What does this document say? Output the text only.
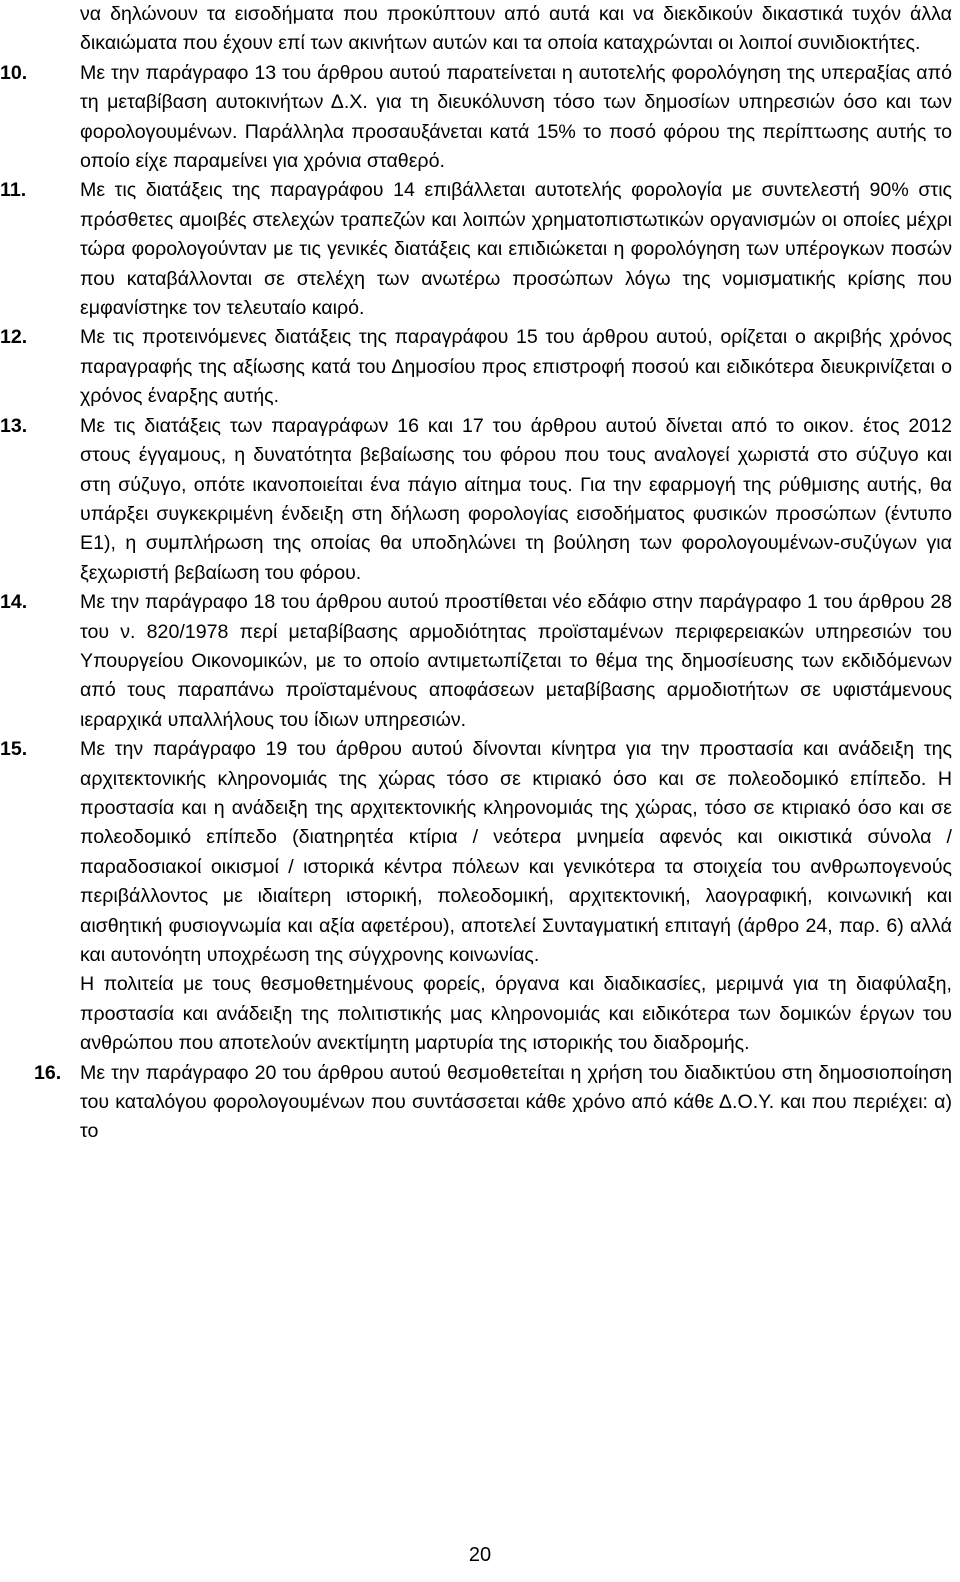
να δηλώνουν τα εισοδήματα που προκύπτουν από αυτά και να διεκδικούν δικαστικά τυχόν άλλα δικαιώματα που έχουν επί των ακινήτων αυτών και τα οποία καταχρώνται οι λοιποί συνιδιοκτήτες.
10.	Με την παράγραφο 13 του άρθρου αυτού παρατείνεται η αυτοτελής φορολόγηση της υπεραξίας από τη μεταβίβαση αυτοκινήτων Δ.Χ. για τη διευκόλυνση τόσο των δημοσίων υπηρεσιών όσο και των φορολογουμένων. Παράλληλα προσαυξάνεται κατά 15% το ποσό φόρου της περίπτωσης αυτής το οποίο είχε παραμείνει για χρόνια σταθερό.
11.	Με τις διατάξεις της παραγράφου 14 επιβάλλεται αυτοτελής φορολογία με συντελεστή 90% στις πρόσθετες αμοιβές στελεχών τραπεζών και λοιπών χρηματοπιστωτικών οργανισμών οι οποίες μέχρι τώρα φορολογούνταν με τις γενικές διατάξεις και επιδιώκεται η φορολόγηση των υπέρογκων ποσών που καταβάλλονται σε στελέχη των ανωτέρω προσώπων λόγω της νομισματικής κρίσης που εμφανίστηκε τον τελευταίο καιρό.
12.	Με τις προτεινόμενες διατάξεις της παραγράφου 15 του άρθρου αυτού, ορίζεται ο ακριβής χρόνος παραγραφής της αξίωσης κατά του Δημοσίου προς επιστροφή ποσού και ειδικότερα διευκρινίζεται ο χρόνος έναρξης αυτής.
13.	Με τις διατάξεις των παραγράφων 16 και 17 του άρθρου αυτού δίνεται από το οικον. έτος 2012 στους έγγαμους, η δυνατότητα βεβαίωσης του φόρου που τους αναλογεί χωριστά στο σύζυγο και στη σύζυγο, οπότε ικανοποιείται ένα πάγιο αίτημα τους. Για την εφαρμογή της ρύθμισης αυτής, θα υπάρξει συγκεκριμένη ένδειξη στη δήλωση φορολογίας εισοδήματος φυσικών προσώπων (έντυπο Ε1), η συμπλήρωση της οποίας θα υποδηλώνει τη βούληση των φορολογουμένων-συζύγων για ξεχωριστή βεβαίωση του φόρου.
14.	Με την παράγραφο 18 του άρθρου αυτού προστίθεται νέο εδάφιο στην παράγραφο 1 του άρθρου 28 του ν. 820/1978 περί μεταβίβασης αρμοδιότητας προϊσταμένων περιφερειακών υπηρεσιών του Υπουργείου Οικονομικών, με το οποίο αντιμετωπίζεται το θέμα της δημοσίευσης των εκδιδόμενων από τους παραπάνω προϊσταμένους αποφάσεων μεταβίβασης αρμοδιοτήτων σε υφιστάμενους ιεραρχικά υπαλλήλους του ίδιων υπηρεσιών.
15.	Με την παράγραφο 19 του άρθρου αυτού δίνονται κίνητρα για την προστασία και ανάδειξη της αρχιτεκτονικής κληρονομιάς της χώρας τόσο σε κτιριακό όσο και σε πολεοδομικό επίπεδο. Η προστασία και η ανάδειξη της αρχιτεκτονικής κληρονομιάς της χώρας, τόσο σε κτιριακό όσο και σε πολεοδομικό επίπεδο (διατηρητέα κτίρια / νεότερα μνημεία αφενός και οικιστικά σύνολα / παραδοσιακοί οικισμοί / ιστορικά κέντρα πόλεων και γενικότερα τα στοιχεία του ανθρωπογενούς περιβάλλοντος με ιδιαίτερη ιστορική, πολεοδομική, αρχιτεκτονική, λαογραφική, κοινωνική και αισθητική φυσιογνωμία και αξία αφετέρου), αποτελεί Συνταγματική επιταγή (άρθρο 24, παρ. 6) αλλά και αυτονόητη υποχρέωση της σύγχρονης κοινωνίας.
Η πολιτεία με τους θεσμοθετημένους φορείς, όργανα και διαδικασίες, μεριμνά για τη διαφύλαξη, προστασία και ανάδειξη της πολιτιστικής μας κληρονομιάς και ειδικότερα των δομικών έργων του ανθρώπου που αποτελούν ανεκτίμητη μαρτυρία της ιστορικής του διαδρομής.
16. Με την παράγραφο 20 του άρθρου αυτού θεσμοθετείται η χρήση του διαδικτύου στη δημοσιοποίηση του καταλόγου φορολογουμένων που συντάσσεται κάθε χρόνο από κάθε Δ.Ο.Υ. και που περιέχει: α) το
20
